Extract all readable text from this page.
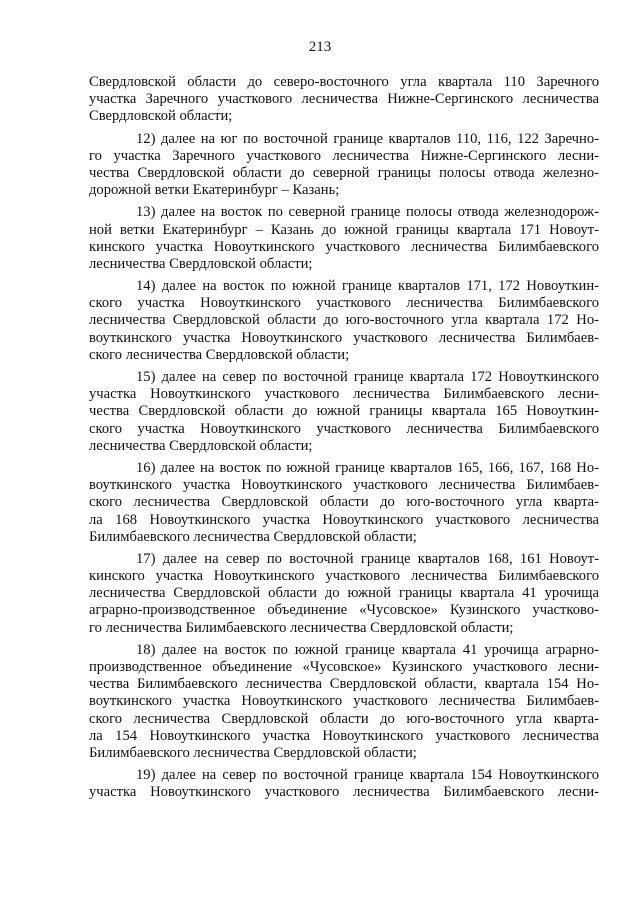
213
Свердловской области до северо-восточного угла квартала 110 Заречного
участка Заречного участкового лесничества Нижне-Сергинского лесничества
Свердловской области;
12) далее на юг по восточной границе кварталов 110, 116, 122 Заречно-
го участка Заречного участкового лесничества Нижне-Сергинского лесни-
чества Свердловской области до северной границы полосы отвода железно-
дорожной ветки Екатеринбург – Казань;
13) далее на восток по северной границе полосы отвода железнодорож-
ной ветки Екатеринбург – Казань до южной границы квартала 171 Новоут-
кинского участка Новоуткинского участкового лесничества Билимбаевского
лесничества Свердловской области;
14) далее на восток по южной границе кварталов 171, 172 Новоуткин-
ского участка Новоуткинского участкового лесничества Билимбаевского
лесничества Свердловской области до юго-восточного угла квартала 172 Но-
воуткинского участка Новоуткинского участкового лесничества Билимбаев-
ского лесничества Свердловской области;
15) далее на север по восточной границе квартала 172 Новоуткинского
участка Новоуткинского участкового лесничества Билимбаевского лесни-
чества Свердловской области до южной границы квартала 165 Новоуткин-
ского участка Новоуткинского участкового лесничества Билимбаевского
лесничества Свердловской области;
16) далее на восток по южной границе кварталов 165, 166, 167, 168 Но-
воуткинского участка Новоуткинского участкового лесничества Билимбаев-
ского лесничества Свердловской области до юго-восточного угла кварта-
ла 168 Новоуткинского участка Новоуткинского участкового лесничества
Билимбаевского лесничества Свердловской области;
17) далее на север по восточной границе кварталов 168, 161 Новоут-
кинского участка Новоуткинского участкового лесничества Билимбаевского
лесничества Свердловской области до южной границы квартала 41 урочища
аграрно-производственное объединение «Чусовское» Кузинского участково-
го лесничества Билимбаевского лесничества Свердловской области;
18) далее на восток по южной границе квартала 41 урочища аграрно-
производственное объединение «Чусовское» Кузинского участкового лесни-
чества Билимбаевского лесничества Свердловской области, квартала 154 Но-
воуткинского участка Новоуткинского участкового лесничества Билимбаев-
ского лесничества Свердловской области до юго-восточного угла кварта-
ла 154 Новоуткинского участка Новоуткинского участкового лесничества
Билимбаевского лесничества Свердловской области;
19) далее на север по восточной границе квартала 154 Новоуткинского
участка Новоуткинского участкового лесничества Билимбаевского лесни-
